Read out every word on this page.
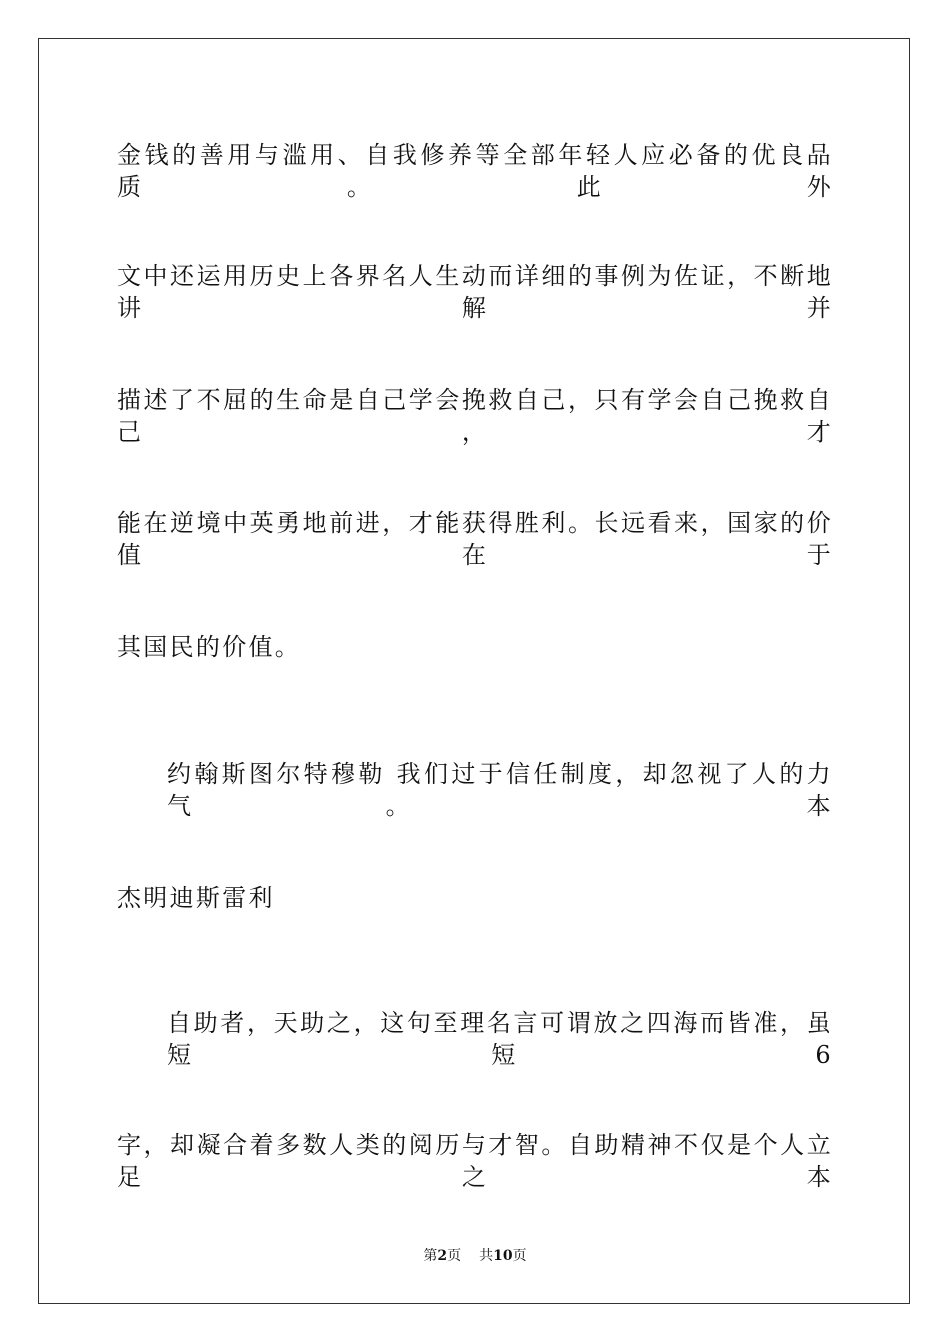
金钱的善用与滥用、自我修养等全部年轻人应必备的优良品质。此外
文中还运用历史上各界名人生动而详细的事例为佐证，不断地讲解并
描述了不屈的生命是自己学会挽救自己，只有学会自己挽救自己，才
能在逆境中英勇地前进，才能获得胜利。长远看来，国家的价值在于
其国民的价值。
约翰斯图尔特穆勒 我们过于信任制度，却忽视了人的力气。 本
杰明迪斯雷利
自助者，天助之，这句至理名言可谓放之四海而皆准，虽短短6
字，却凝合着多数人类的阅历与才智。自助精神不仅是个人立足之本
第2页 共10页
